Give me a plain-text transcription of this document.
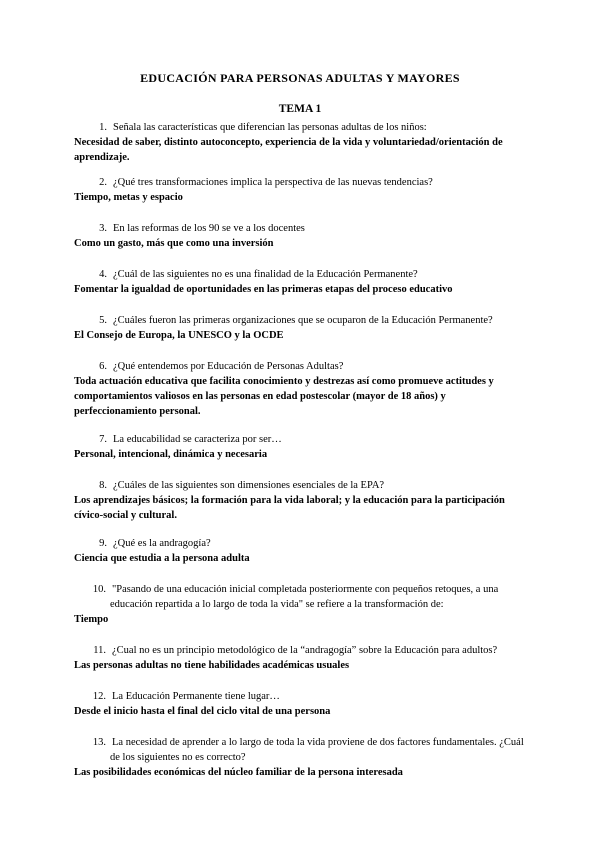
EDUCACIÓN PARA PERSONAS ADULTAS Y MAYORES
TEMA 1

1. Señala las características que diferencian las personas adultas de los niños:

Necesidad de saber, distinto autoconcepto, experiencia de la vida y voluntariedad/orientación de aprendizaje.

2. ¿Qué tres transformaciones implica la perspectiva de las nuevas tendencias?

Tiempo, metas y espacio

3. En las reformas de los 90 se ve a los docentes

Como un gasto, más que como una inversión

4. ¿Cuál de las siguientes no es una finalidad de la Educación Permanente?

Fomentar la igualdad de oportunidades en las primeras etapas del proceso educativo

5. ¿Cuáles fueron las primeras organizaciones que se ocuparon de la Educación Permanente?

El Consejo de Europa, la UNESCO y la OCDE

6. ¿Qué entendemos por Educación de Personas Adultas?

Toda actuación educativa que facilita conocimiento y destrezas así como promueve actitudes y comportamientos valiosos en las personas en edad postescolar (mayor de 18 años) y perfeccionamiento personal.

7. La educabilidad se caracteriza por ser…

Personal, intencional, dinámica y necesaria

8. ¿Cuáles de las siguientes son dimensiones esenciales de la EPA?

Los aprendizajes básicos; la formación para la vida laboral; y la educación para la participación cívico-social y cultural.

9. ¿Qué es la andragogía?

Ciencia que estudia a la persona adulta

10. "Pasando de una educación inicial completada posteriormente con pequeños retoques, a una educación repartida a lo largo de toda la vida" se refiere a la transformación de:

Tiempo

11. ¿Cual no es un principio metodológico de la “andragogía” sobre la Educación para adultos?

Las personas adultas no tiene habilidades académicas usuales

12. La Educación Permanente tiene lugar…

Desde el inicio hasta el final del ciclo vital de una persona

13. La necesidad de aprender a lo largo de toda la vida proviene de dos factores fundamentales. ¿Cuál de los siguientes no es correcto?

Las posibilidades económicas del núcleo familiar de la persona interesada
